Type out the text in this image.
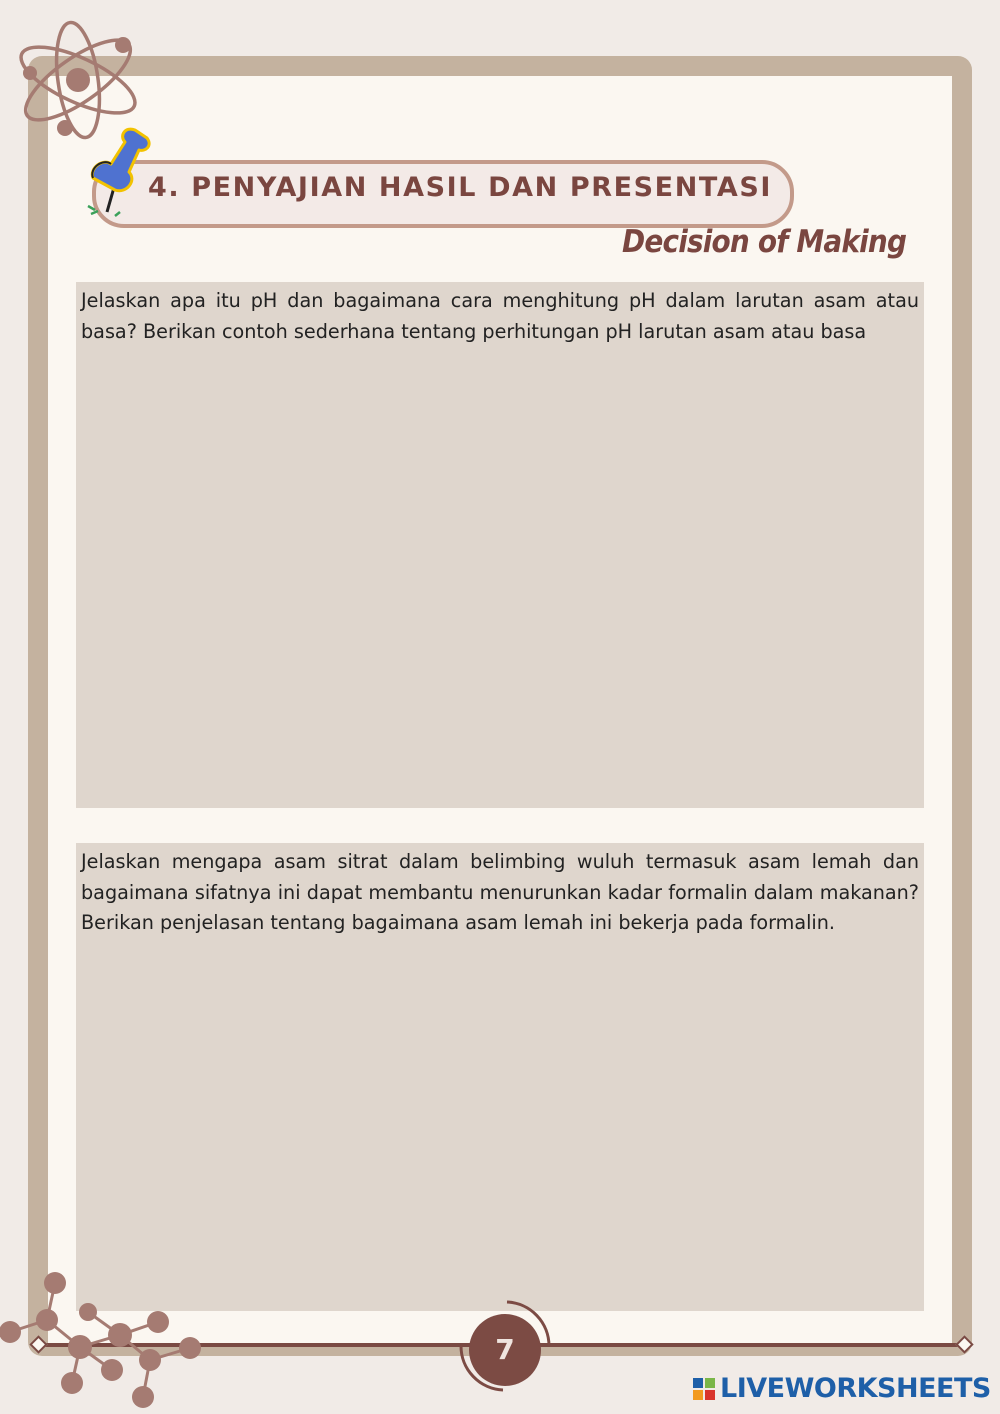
4. PENYAJIAN HASIL DAN PRESENTASI
Decision of Making

Jelaskan apa itu pH dan bagaimana cara menghitung pH dalam larutan asam atau basa? Berikan contoh sederhana tentang perhitungan pH larutan asam atau basa

Jelaskan mengapa asam sitrat dalam belimbing wuluh termasuk asam lemah dan bagaimana sifatnya ini dapat membantu menurunkan kadar formalin dalam makanan? Berikan penjelasan tentang bagaimana asam lemah ini bekerja pada formalin.

7
LIVEWORKSHEETS
